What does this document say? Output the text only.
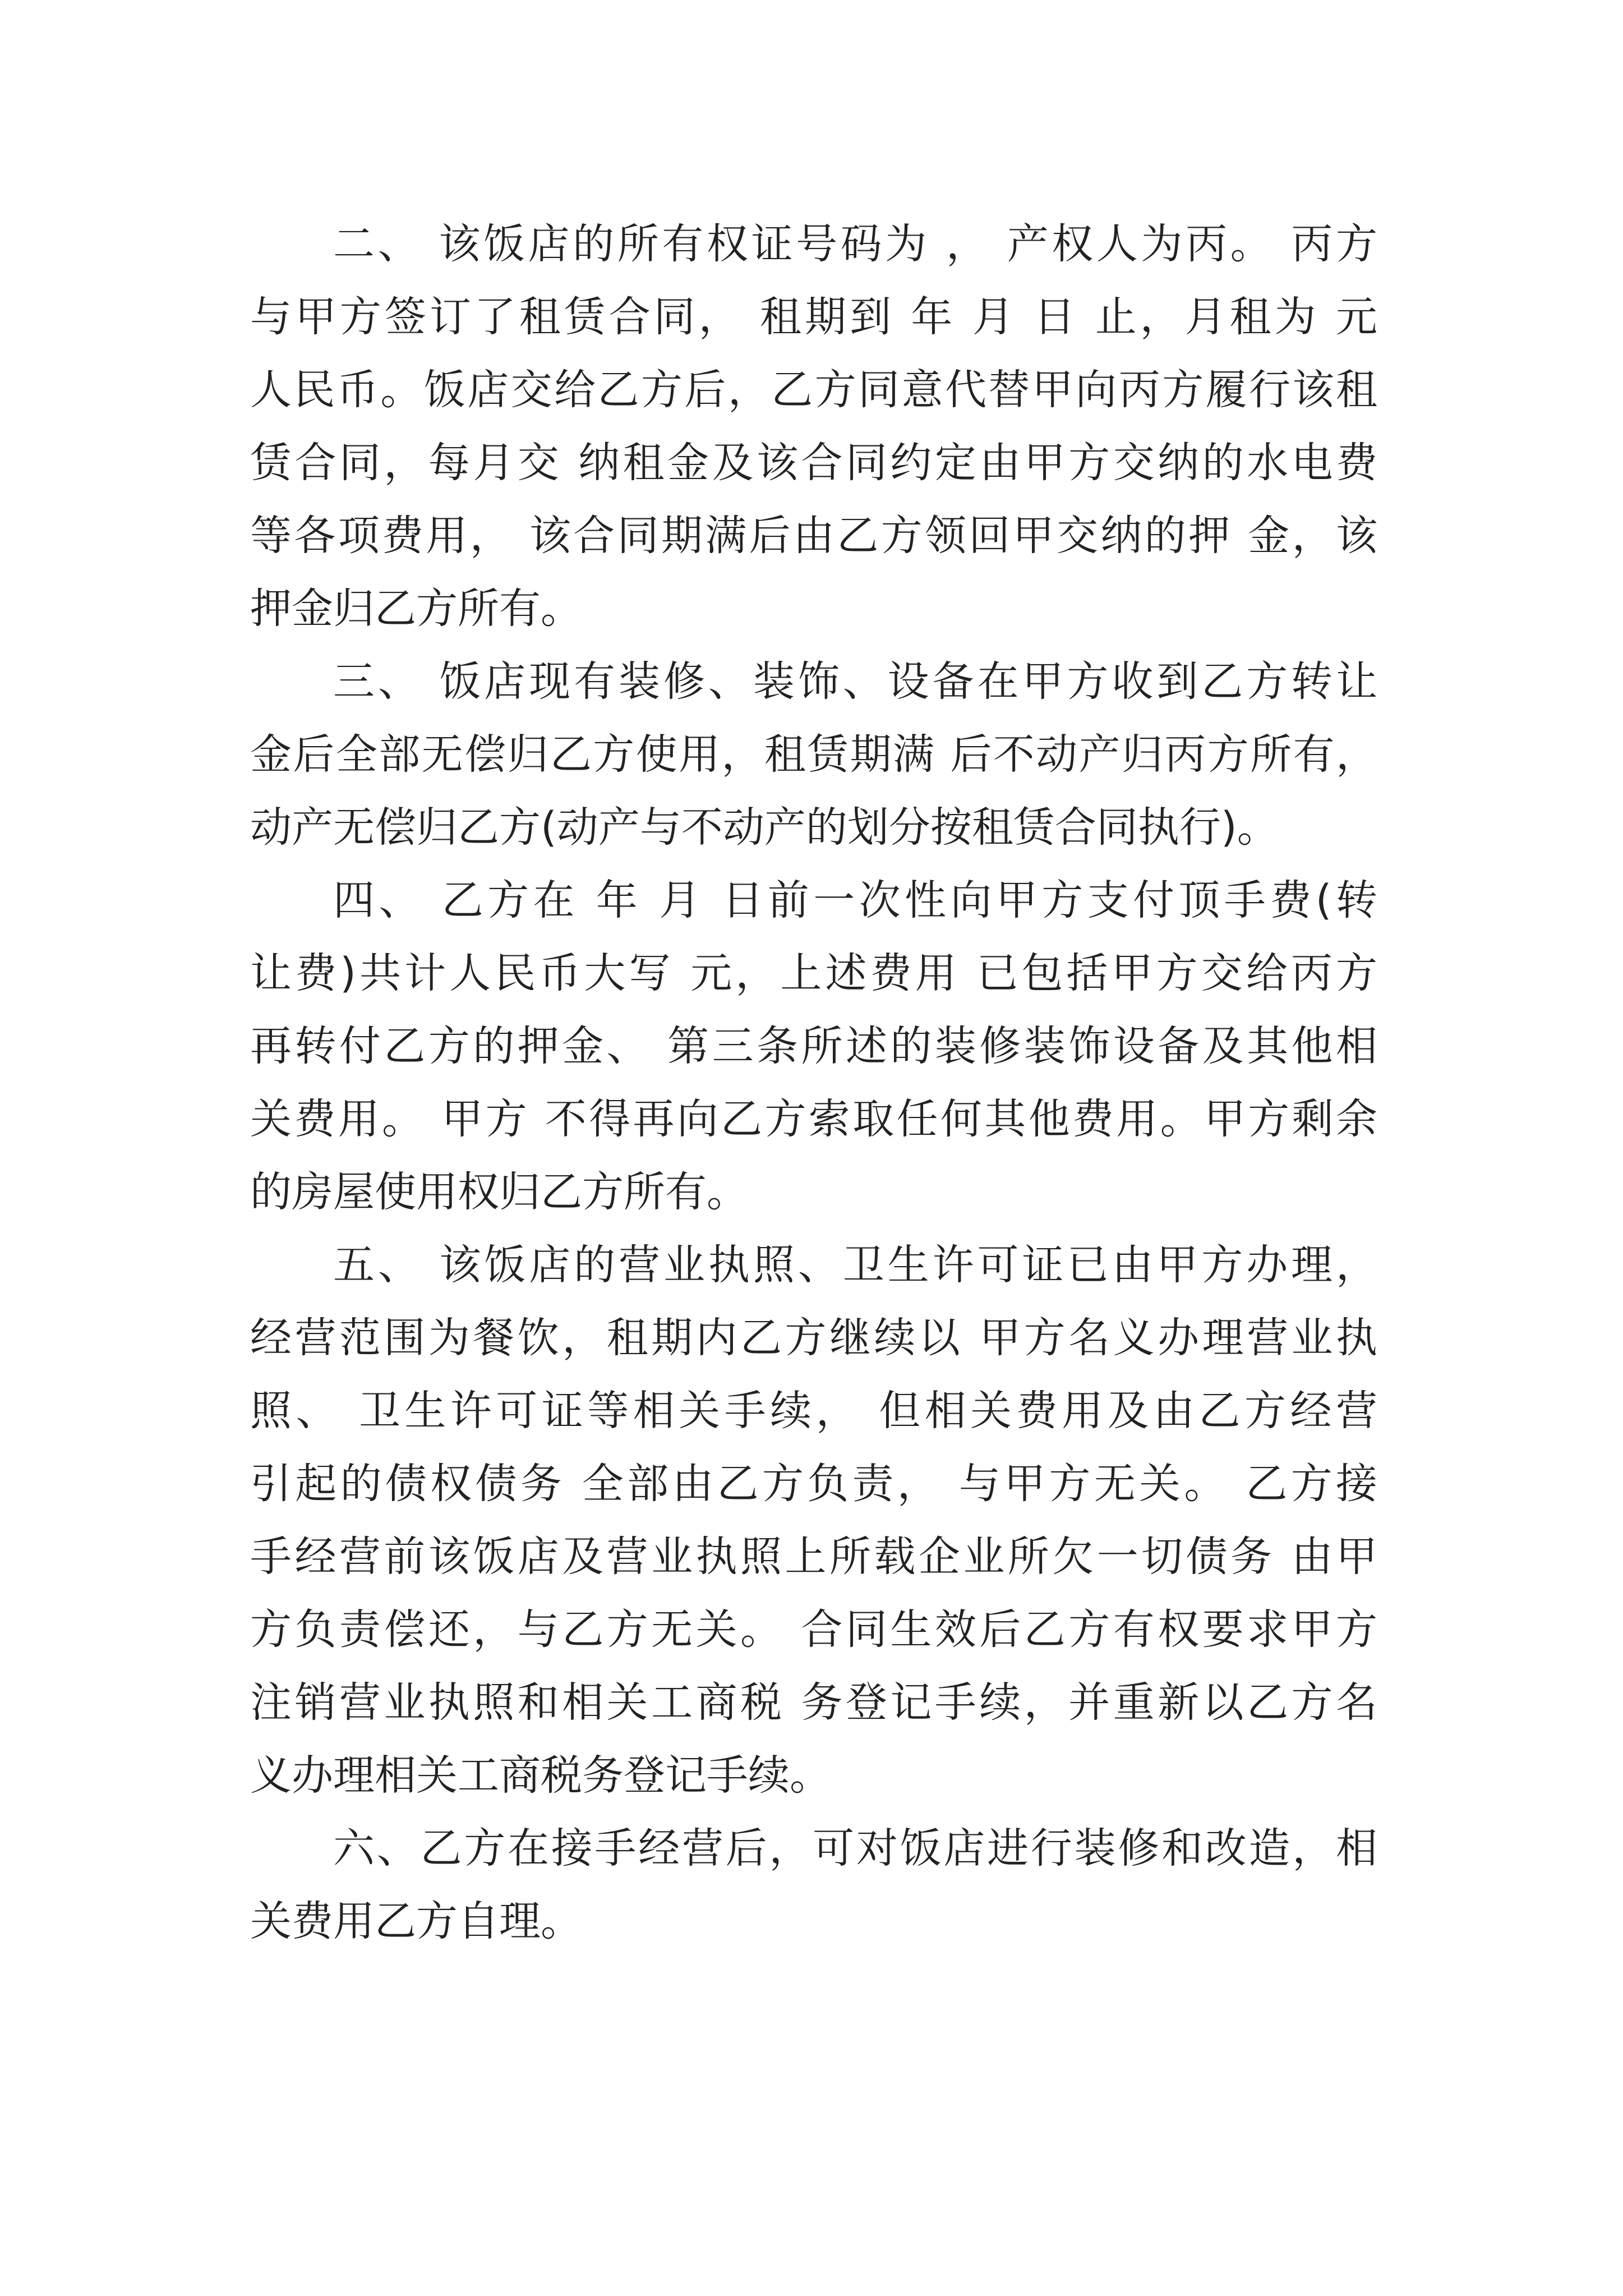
二、 该饭店的所有权证号码为 ， 产权人为丙。 丙方
与甲方签订了租赁合同， 租期到 年 月 日 止，月租为 元
人民币。饭店交给乙方后，乙方同意代替甲向丙方履行该租
赁合同，每月交 纳租金及该合同约定由甲方交纳的水电费
等各项费用， 该合同期满后由乙方领回甲交纳的押 金，该
押金归乙方所有。
三、 饭店现有装修、装饰、设备在甲方收到乙方转让
金后全部无偿归乙方使用，租赁期满 后不动产归丙方所有，
动产无偿归乙方(动产与不动产的划分按租赁合同执行)。
四、 乙方在 年 月 日前一次性向甲方支付顶手费(转
让费)共计人民币大写 元，上述费用 已包括甲方交给丙方
再转付乙方的押金、 第三条所述的装修装饰设备及其他相
关费用。 甲方 不得再向乙方索取任何其他费用。甲方剩余
的房屋使用权归乙方所有。
五、 该饭店的营业执照、卫生许可证已由甲方办理，
经营范围为餐饮，租期内乙方继续以 甲方名义办理营业执
照、 卫生许可证等相关手续， 但相关费用及由乙方经营
引起的债权债务 全部由乙方负责， 与甲方无关。 乙方接
手经营前该饭店及营业执照上所载企业所欠一切债务 由甲
方负责偿还，与乙方无关。 合同生效后乙方有权要求甲方
注销营业执照和相关工商税 务登记手续，并重新以乙方名
义办理相关工商税务登记手续。
六、乙方在接手经营后，可对饭店进行装修和改造，相
关费用乙方自理。
